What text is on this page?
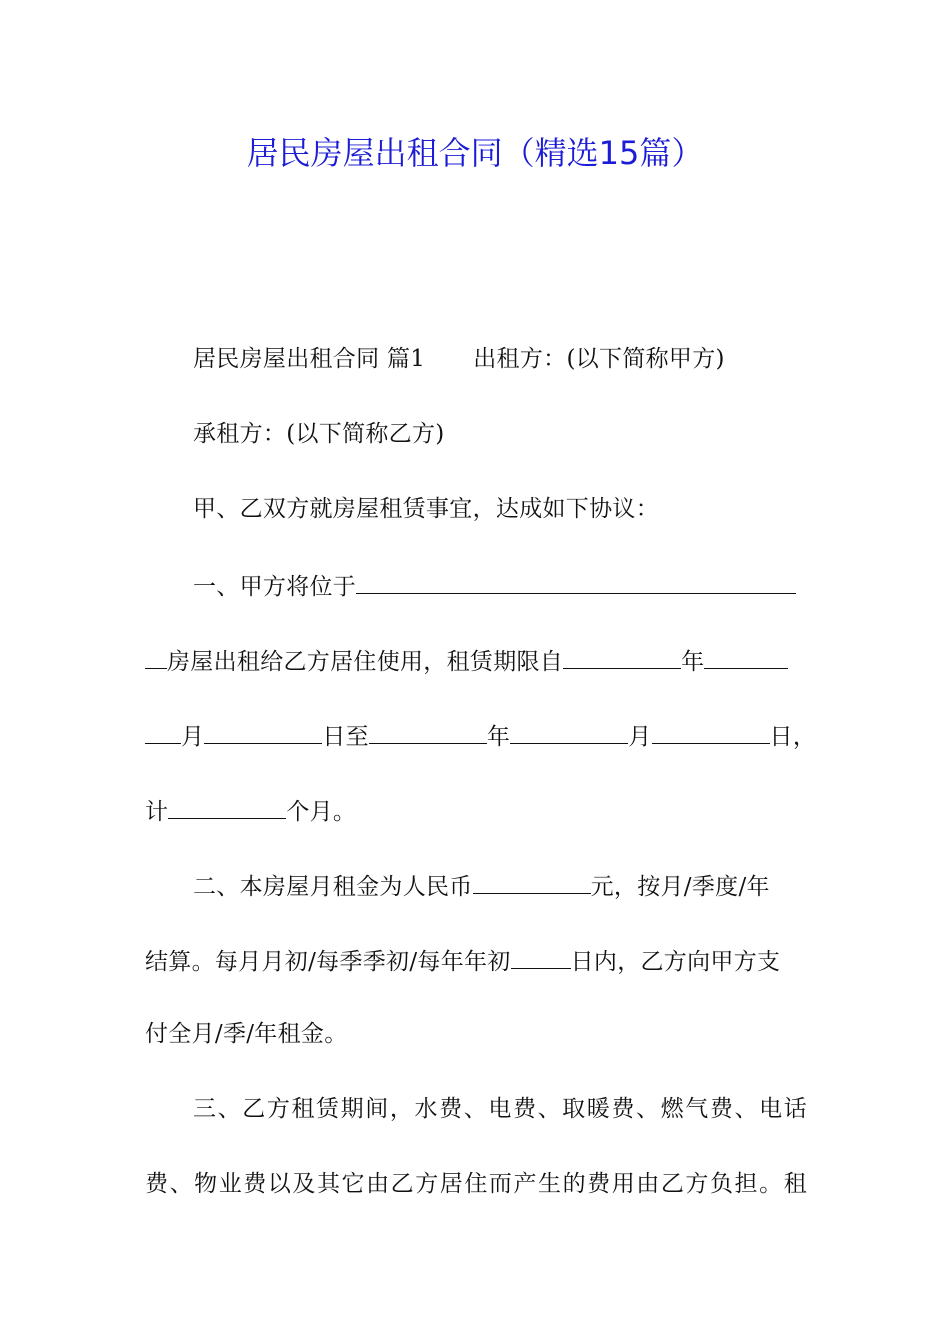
居民房屋出租合同（精选15篇）
居民房屋出租合同 篇1 出租方：(以下简称甲方)
承租方：(以下简称乙方)
甲、乙双方就房屋租赁事宜，达成如下协议：
一、甲方将位于
房屋出租给乙方居住使用，租赁期限自	年
月	日至	年	月	日，
计	个月。
二、本房屋月租金为人民币	元，按月/季度/年
结算。每月月初/每季季初/每年年初	日内，乙方向甲方支
付全月/季/年租金。
三、乙方租赁期间，水费、电费、取暖费、燃气费、电话
费、物业费以及其它由乙方居住而产生的费用由乙方负担。租
